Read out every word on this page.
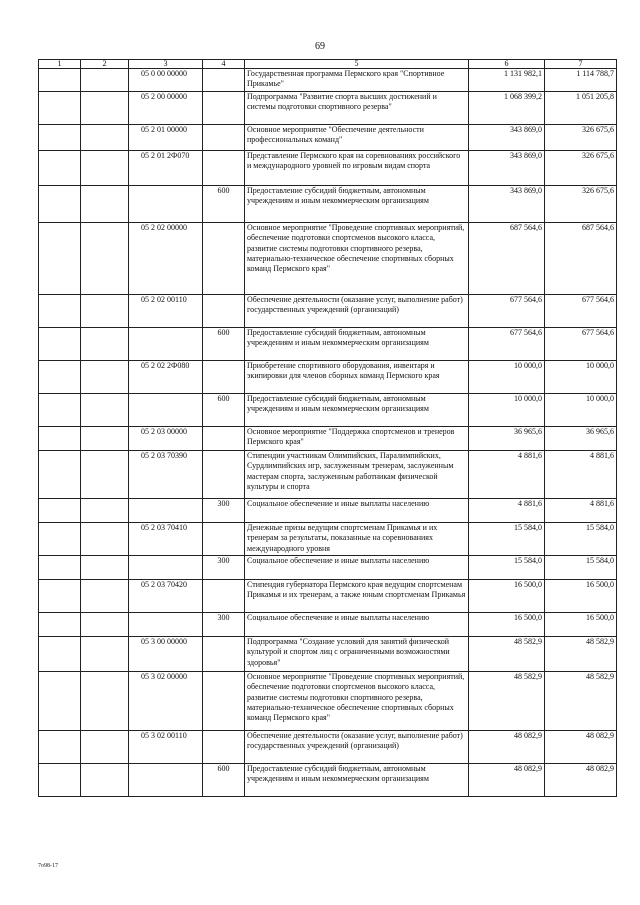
69
1	2	3	4	5	6	7
		05 0 00 00000		Государственная программа Пермского края "Спортивное Прикамье"	1 131 982,1	1 114 788,7
		05 2 00 00000		Подпрограмма "Развитие спорта высших достижений и системы подготовки спортивного резерва"	1 068 399,2	1 051 205,8
		05 2 01 00000		Основное мероприятие "Обеспечение деятельности профессиональных команд"	343 869,0	326 675,6
		05 2 01 2Ф070		Представление Пермского края на соревнованиях российского и международного уровней по игровым видам спорта	343 869,0	326 675,6
			600	Предоставление субсидий бюджетным, автономным учреждениям и иным некоммерческим организациям	343 869,0	326 675,6
		05 2 02 00000		Основное мероприятие "Проведение спортивных мероприятий, обеспечение подготовки спортсменов высокого класса, развитие системы подготовки спортивного резерва, материально-техническое обеспечение спортивных сборных команд Пермского края"	687 564,6	687 564,6
		05 2 02 00110		Обеспечение деятельности (оказание услуг, выполнение работ) государственных учреждений (организаций)	677 564,6	677 564,6
			600	Предоставление субсидий бюджетным, автономным учреждениям и иным некоммерческим организациям	677 564,6	677 564,6
		05 2 02 2Ф080		Приобретение спортивного оборудования, инвентаря и экипировки для членов сборных команд Пермского края	10 000,0	10 000,0
			600	Предоставление субсидий бюджетным, автономным учреждениям и иным некоммерческим организациям	10 000,0	10 000,0
		05 2 03 00000		Основное мероприятие "Поддержка спортсменов и тренеров Пермского края"	36 965,6	36 965,6
		05 2 03 70390		Стипендии участникам Олимпийских, Паралимпийских, Сурдлимпийских игр, заслуженным тренерам, заслуженным мастерам спорта, заслуженным работникам физической культуры и спорта	4 881,6	4 881,6
			300	Социальное обеспечение и иные выплаты населению	4 881,6	4 881,6
		05 2 03 70410		Денежные призы ведущим спортсменам Прикамья и их тренерам за результаты, показанные на соревнованиях международного уровня	15 584,0	15 584,0
			300	Социальное обеспечение и иные выплаты населению	15 584,0	15 584,0
		05 2 03 70420		Стипендия губернатора Пермского края ведущим спортсменам Прикамья и их тренерам, а также юным спортсменам Прикамья	16 500,0	16 500,0
			300	Социальное обеспечение и иные выплаты населению	16 500,0	16 500,0
		05 3 00 00000		Подпрограмма "Создание условий для занятий физической культурой и спортом лиц с ограниченными возможностями здоровья"	48 582,9	48 582,9
		05 3 02 00000		Основное мероприятие "Проведение спортивных мероприятий, обеспечение подготовки спортсменов высокого класса, развитие системы подготовки спортивного резерва, материально-техническое обеспечение спортивных сборных команд Пермского края"	48 582,9	48 582,9
		05 3 02 00110		Обеспечение деятельности (оказание услуг, выполнение работ) государственных учреждений (организаций)	48 082,9	48 082,9
			600	Предоставление субсидий бюджетным, автономным учреждениям и иным некоммерческим организациям	48 082,9	48 082,9
7о98-17
